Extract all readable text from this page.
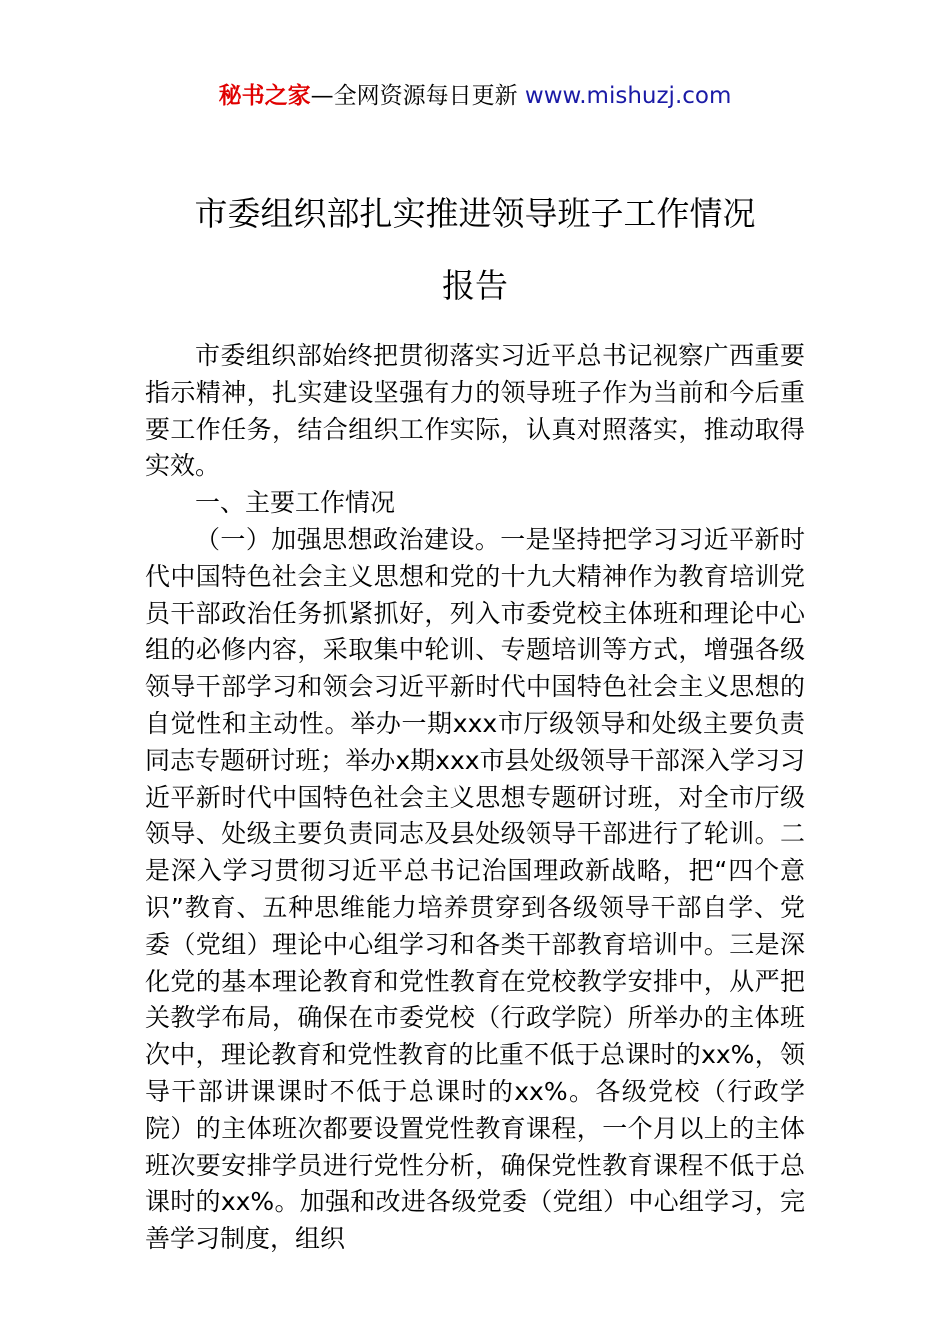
秘书之家—全网资源每日更新 www.mishuzj.com
市委组织部扎实推进领导班子工作情况
报告

市委组织部始终把贯彻落实习近平总书记视察广西重要指示精神，扎实建设坚强有力的领导班子作为当前和今后重要工作任务，结合组织工作实际，认真对照落实，推动取得实效。

一、主要工作情况

（一）加强思想政治建设。一是坚持把学习习近平新时代中国特色社会主义思想和党的十九大精神作为教育培训党员干部政治任务抓紧抓好，列入市委党校主体班和理论中心组的必修内容，采取集中轮训、专题培训等方式，增强各级领导干部学习和领会习近平新时代中国特色社会主义思想的自觉性和主动性。举办一期xxx市厅级领导和处级主要负责同志专题研讨班；举办x期xxx市县处级领导干部深入学习习近平新时代中国特色社会主义思想专题研讨班，对全市厅级领导、处级主要负责同志及县处级领导干部进行了轮训。二是深入学习贯彻习近平总书记治国理政新战略，把“四个意识”教育、五种思维能力培养贯穿到各级领导干部自学、党委（党组）理论中心组学习和各类干部教育培训中。三是深化党的基本理论教育和党性教育在党校教学安排中，从严把关教学布局，确保在市委党校（行政学院）所举办的主体班次中，理论教育和党性教育的比重不低于总课时的xx%，领导干部讲课课时不低于总课时的xx%。各级党校（行政学院）的主体班次都要设置党性教育课程，一个月以上的主体班次要安排学员进行党性分析，确保党性教育课程不低于总课时的xx%。加强和改进各级党委（党组）中心组学习，完善学习制度，组织
